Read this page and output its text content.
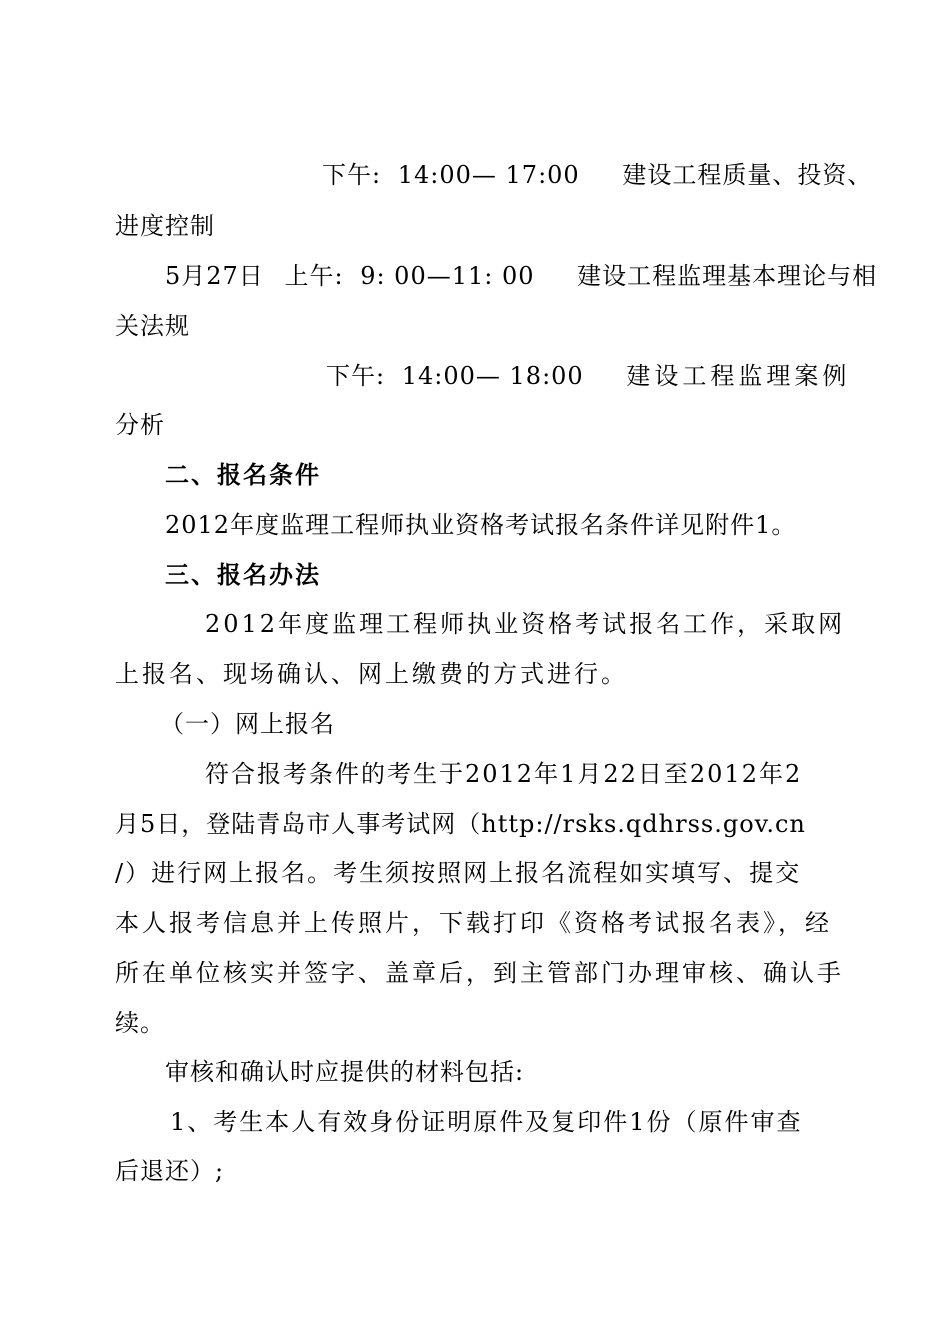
下午: 14:00— 17:00 建设工程质量、投资、
进度控制
5月27日 上午: 9: 00—11: 00 建设工程监理基本理论与相
关法规
下午: 14:00— 18:00 建设工程监理案例
分析
二、报名条件
2012年度监理工程师执业资格考试报名条件详见附件1。
三、报名办法
2012年度监理工程师执业资格考试报名工作，采取网
上报名、现场确认、网上缴费的方式进行。
（一）网上报名
符合报考条件的考生于2012年1月22日至2012年2
月5日，登陆青岛市人事考试网（http://rsks.qdhrss.gov.cn
/）进行网上报名。考生须按照网上报名流程如实填写、提交
本人报考信息并上传照片，下载打印《资格考试报名表》，经
所在单位核实并签字、盖章后，到主管部门办理审核、确认手
续。
审核和确认时应提供的材料包括:
1、考生本人有效身份证明原件及复印件1份（原件审查
后退还）;
